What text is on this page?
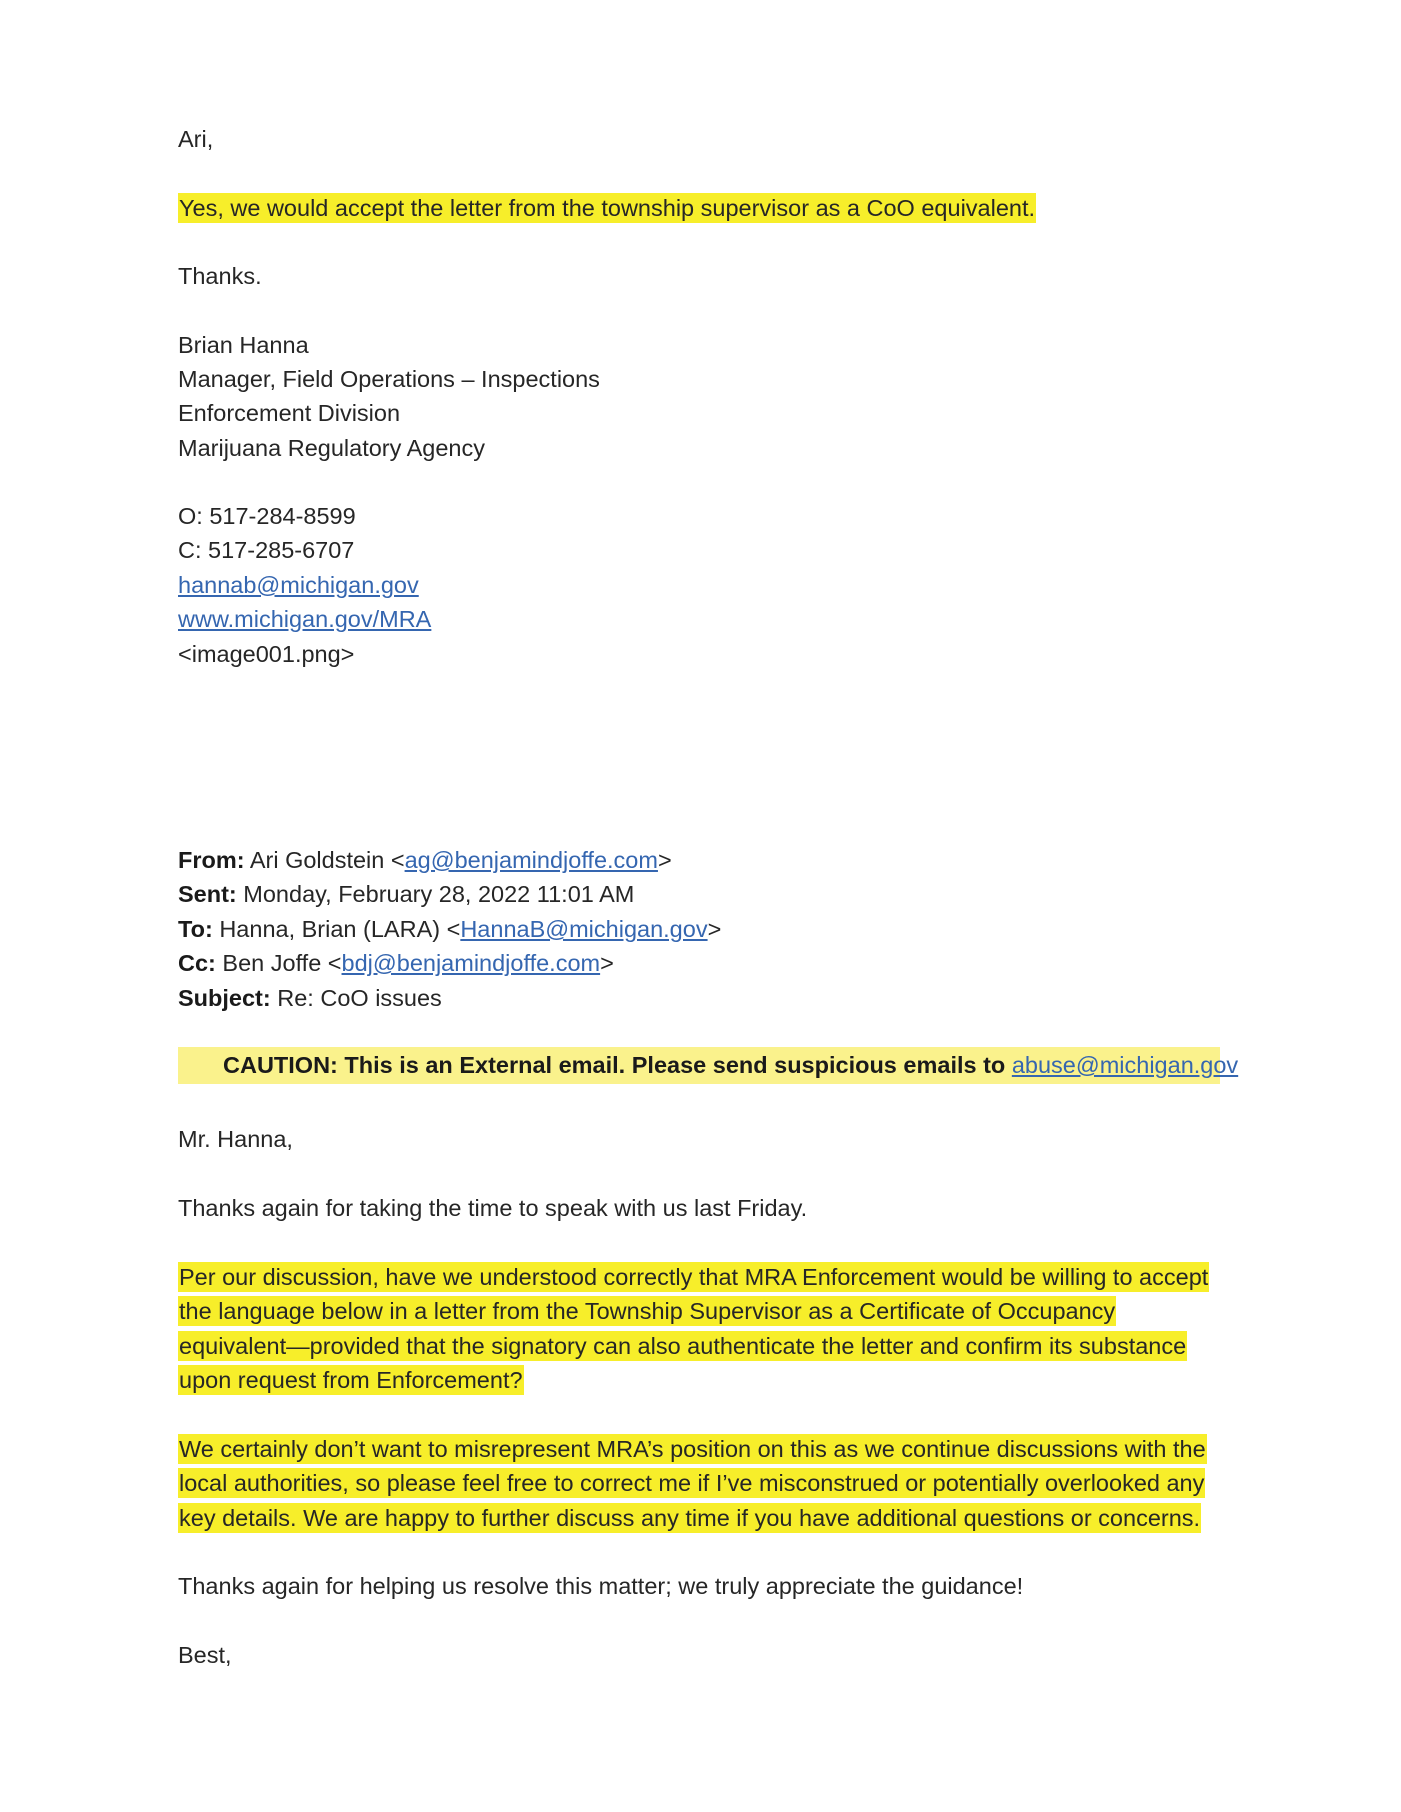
Ari,
Yes, we would accept the letter from the township supervisor as a CoO equivalent.
Thanks.
Brian Hanna
Manager, Field Operations – Inspections
Enforcement Division
Marijuana Regulatory Agency
O: 517-284-8599
C: 517-285-6707
hannab@michigan.gov
www.michigan.gov/MRA
<image001.png>
From: Ari Goldstein <ag@benjamindjoffe.com>
Sent: Monday, February 28, 2022 11:01 AM
To: Hanna, Brian (LARA) <HannaB@michigan.gov>
Cc: Ben Joffe <bdj@benjamindjoffe.com>
Subject: Re: CoO issues
CAUTION: This is an External email. Please send suspicious emails to abuse@michigan.gov
Mr. Hanna,
Thanks again for taking the time to speak with us last Friday.
Per our discussion, have we understood correctly that MRA Enforcement would be willing to accept
the language below in a letter from the Township Supervisor as a Certificate of Occupancy
equivalent—provided that the signatory can also authenticate the letter and confirm its substance
upon request from Enforcement?
We certainly don’t want to misrepresent MRA’s position on this as we continue discussions with the
local authorities, so please feel free to correct me if I’ve misconstrued or potentially overlooked any
key details. We are happy to further discuss any time if you have additional questions or concerns.
Thanks again for helping us resolve this matter; we truly appreciate the guidance!
Best,
